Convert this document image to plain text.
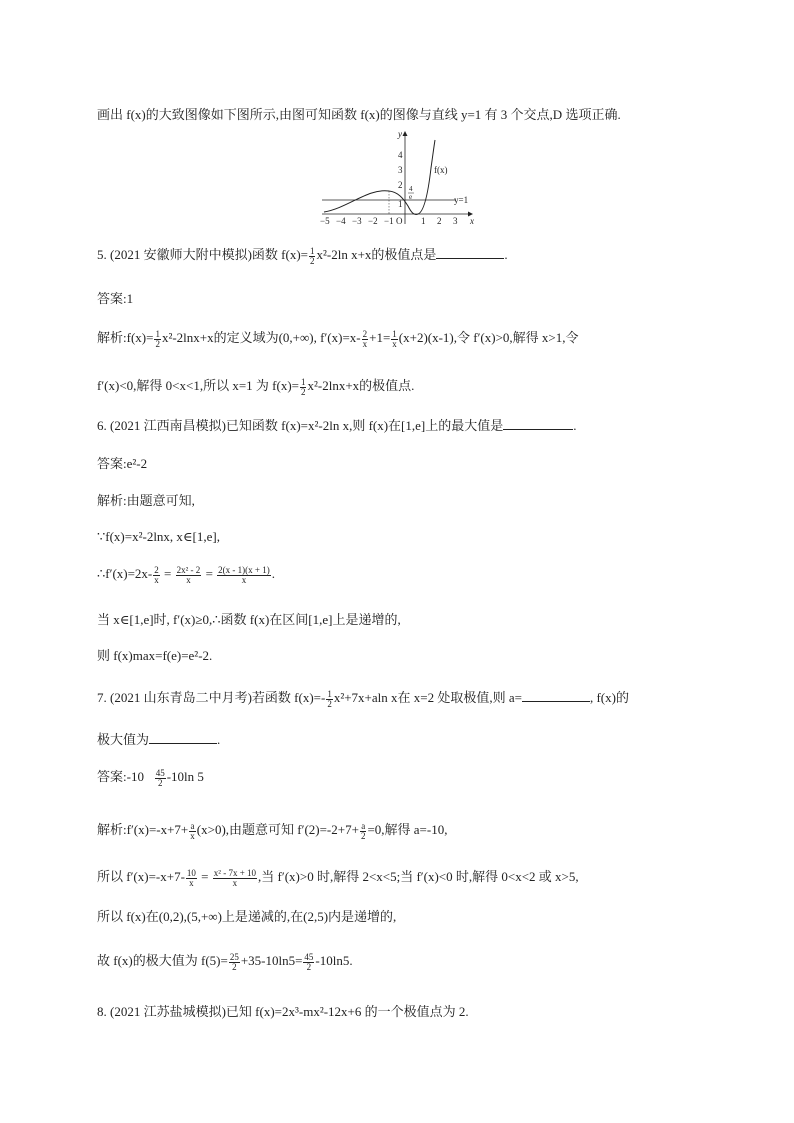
画出 f(x)的大致图像如下图所示,由图可知函数 f(x)的图像与直线 y=1 有 3 个交点,D 选项正确.
y
x
f(x)
y=1
4
3
2
1
4
e
−5 −4 −3 −2 −1 O 1 2 3
5. (2021 安徽师大附中模拟)函数 $f(x)= \frac{1}{2} x^2-2\ln$ x+x的极值点是	.
答案:1
解析:f(x)= $\frac{1}{2} x^2-2\ln x+x$的定义域为(0,+∞), $f'(x)=x- \frac{2}{x} +1= \frac{1}{x} (x+2)(x-1)$,令 f′(x)>0,解得 x>1,令
f′(x)<0,解得 0<x<1,所以 x=1 为 $f(x)= \frac{1}{2} x^2-2\ln x+x$的极值点.
6. (2021 江西南昌模拟)已知函数 f(x)=x²-2ln x,则 f(x)在[1,e]上的最大值是	.
答案:e²-2
解析:由题意可知,
∵f(x)=x²-2lnx, x∈[1,e],
∴f′(x)=2x- $\frac{2}{x} = \frac{\text{2x² - 2}}{x} = \frac{2(x - 1)(x + 1)}{x}$ .
当 x∈[1,e]时, f′(x)≥0,∴函数 f(x)在区间[1,e]上是递增的,
则 f(x)max=f(e)=e²-2.
7. (2021 山东青岛二中月考)若函数 $f(x)=- \frac{1}{2} x^2+7x+aln$ x在 x=2 处取极值,则 a=	, f(x)的
极大值为	.
答案:-10 $\frac{45}{2} -10\ln$ 5
解析:f′(x)=-x+7+ $\frac{a}{x} (x>0)$,由题意可知 $f'(2)=-2+7+ \frac{a}{2} =0$,解得 a=-10,
所以 $f'(x)=-x+7- \frac{10}{x} = \frac{\text{x² - 7x + 10}}{x}$ ,当 f′(x)>0 时,解得 2<x<5;当 f′(x)<0 时,解得 0<x<2 或 x>5,
所以 f(x)在(0,2),(5,+∞)上是递减的,在(2,5)内是递增的,
故 f(x)的极大值为 $f(5)= \frac{25}{2} +35-10\ln 5= \frac{45}{2} -10\ln 5$.
8. (2021 江苏盐城模拟)已知 f(x)=2x³-mx²-12x+6 的一个极值点为 2.
